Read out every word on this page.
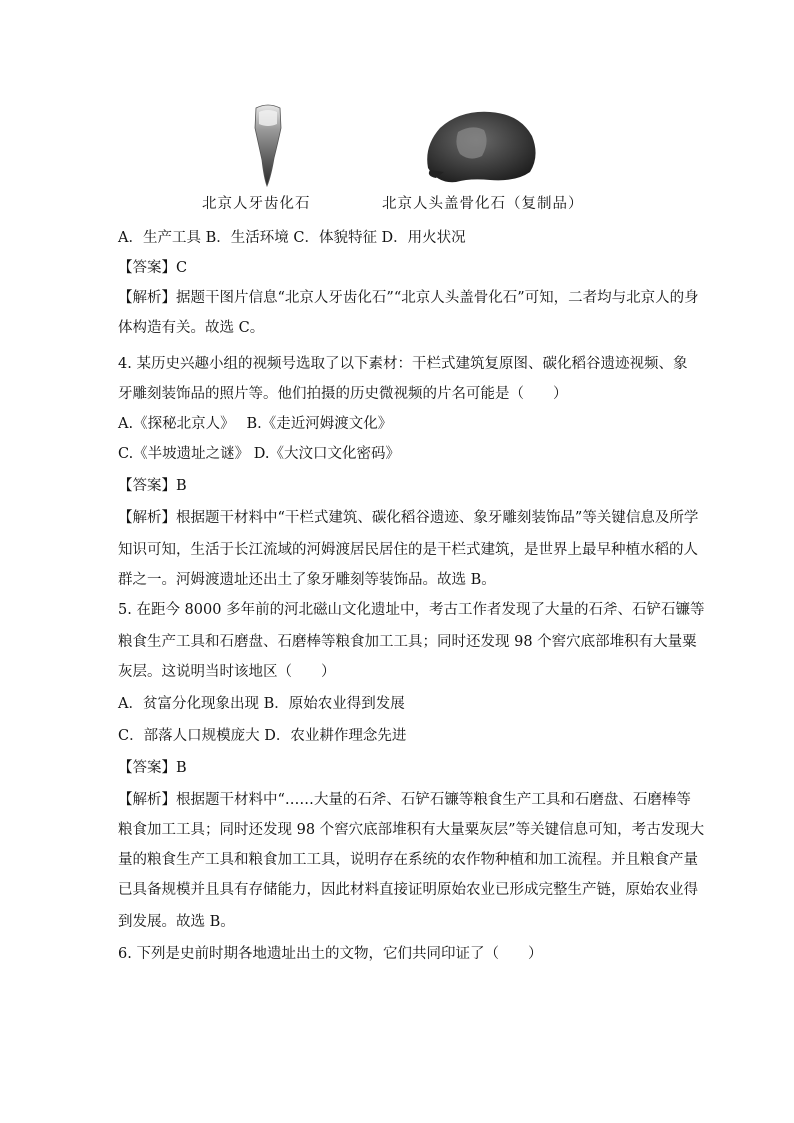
北京人牙齿化石	北京人头盖骨化石（复制品）
A．生产工具 B．生活环境 C．体貌特征 D．用火状况
【答案】C
【解析】据题干图片信息“北京人牙齿化石”“北京人头盖骨化石”可知，二者均与北京人的身
体构造有关。故选 C。
4. 某历史兴趣小组的视频号选取了以下素材：干栏式建筑复原图、碳化稻谷遗迹视频、象
牙雕刻装饰品的照片等。他们拍摄的历史微视频的片名可能是（　　）
A.《探秘北京人》　 B.《走近河姆渡文化》
C.《半坡遗址之谜》 D.《大汶口文化密码》
【答案】B
【解析】根据题干材料中“干栏式建筑、碳化稻谷遗迹、象牙雕刻装饰品”等关键信息及所学
知识可知，生活于长江流域的河姆渡居民居住的是干栏式建筑，是世界上最早种植水稻的人
群之一。河姆渡遗址还出土了象牙雕刻等装饰品。故选 B。
5. 在距今 8000 多年前的河北磁山文化遗址中，考古工作者发现了大量的石斧、石铲石镰等
粮食生产工具和石磨盘、石磨棒等粮食加工工具；同时还发现 98 个窖穴底部堆积有大量粟
灰层。这说明当时该地区（　　）
A．贫富分化现象出现 B．原始农业得到发展
C．部落人口规模庞大 D．农业耕作理念先进
【答案】B
【解析】根据题干材料中“……大量的石斧、石铲石镰等粮食生产工具和石磨盘、石磨棒等
粮食加工工具；同时还发现 98 个窖穴底部堆积有大量粟灰层”等关键信息可知，考古发现大
量的粮食生产工具和粮食加工工具，说明存在系统的农作物种植和加工流程。并且粮食产量
已具备规模并且具有存储能力，因此材料直接证明原始农业已形成完整生产链，原始农业得
到发展。故选 B。
6. 下列是史前时期各地遗址出土的文物，它们共同印证了（　　）
